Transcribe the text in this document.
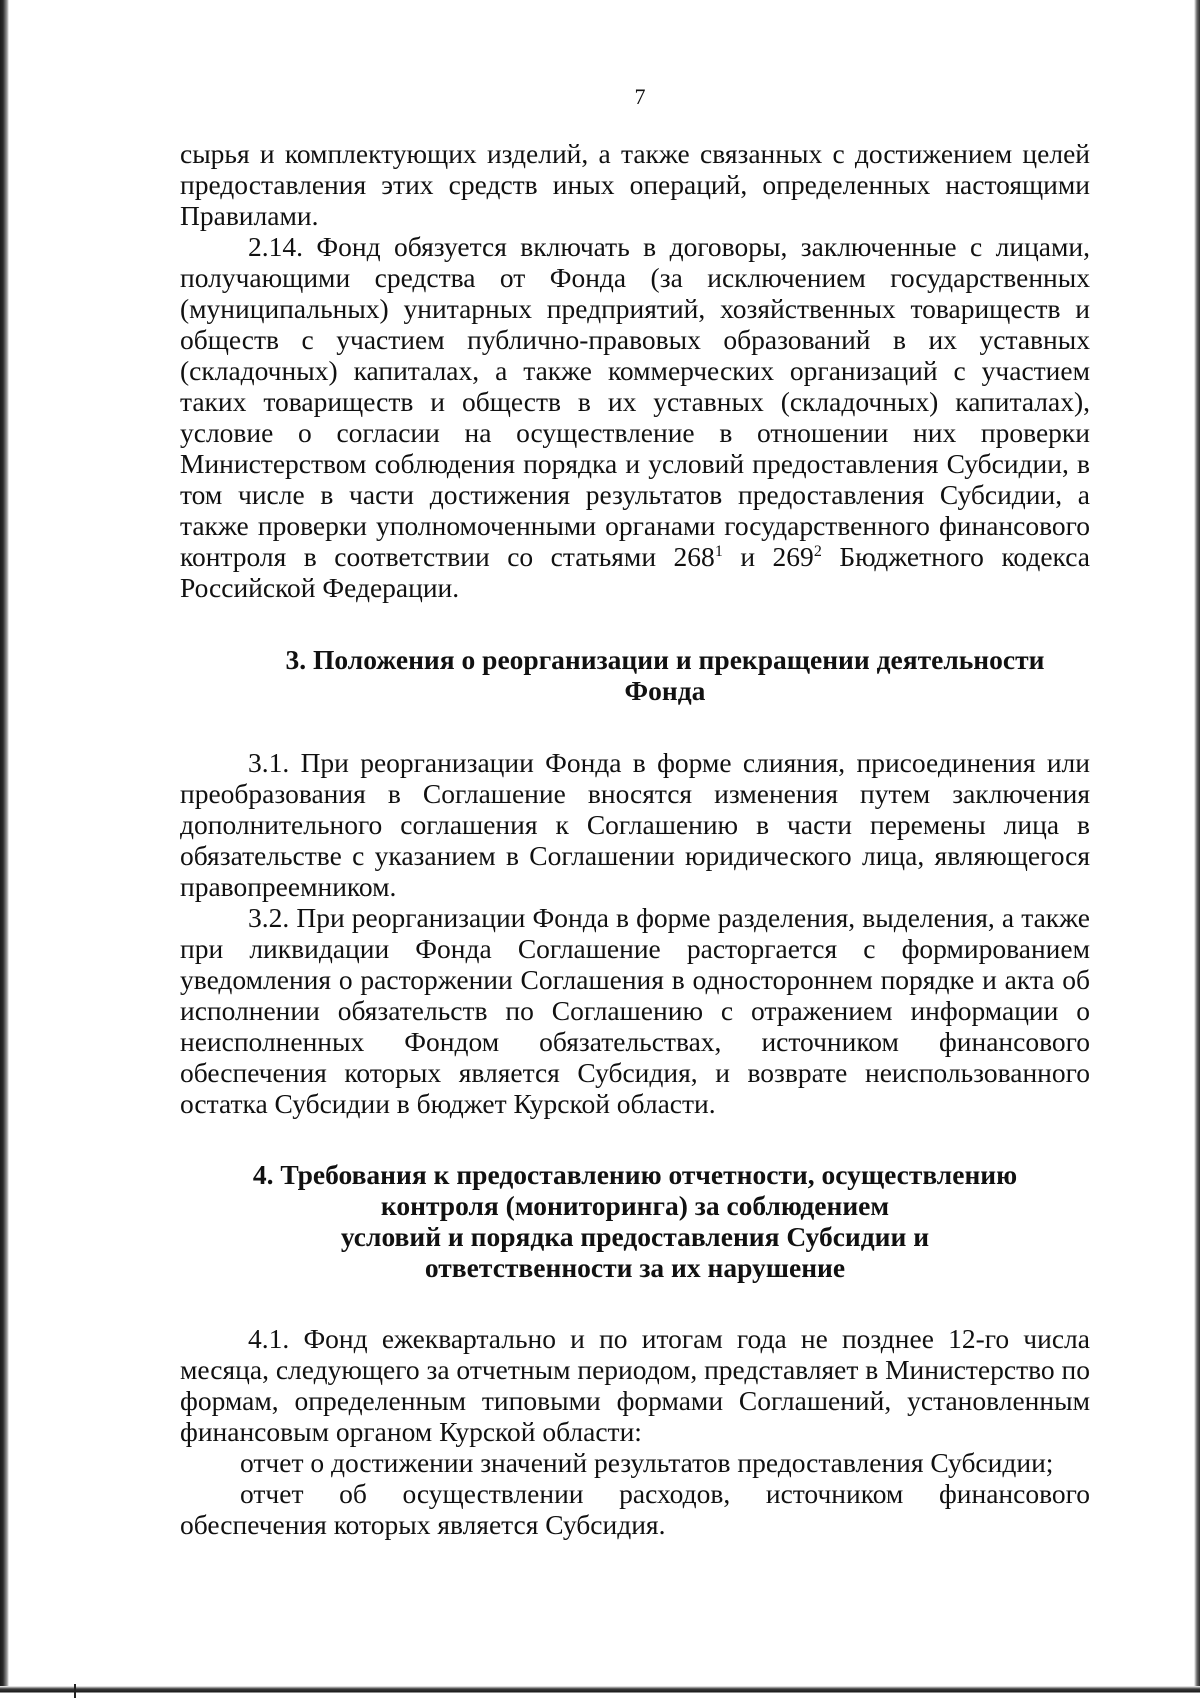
7

сырья и комплектующих изделий, а также связанных с достижением целей предоставления этих средств иных операций, определенных настоящими Правилами.

2.14. Фонд обязуется включать в договоры, заключенные с лицами, получающими средства от Фонда (за исключением государственных (муниципальных) унитарных предприятий, хозяйственных товариществ и обществ с участием публично-правовых образований в их уставных (складочных) капиталах, а также коммерческих организаций с участием таких товариществ и обществ в их уставных (складочных) капиталах), условие о согласии на осуществление в отношении них проверки Министерством соблюдения порядка и условий предоставления Субсидии, в том числе в части достижения результатов предоставления Субсидии, а также проверки уполномоченными органами государственного финансового контроля в соответствии со статьями $268^1$ и $269^2$ Бюджетного кодекса Российской Федерации.

3. Положения о реорганизации и прекращении деятельности Фонда

3.1. При реорганизации Фонда в форме слияния, присоединения или преобразования в Соглашение вносятся изменения путем заключения дополнительного соглашения к Соглашению в части перемены лица в обязательстве с указанием в Соглашении юридического лица, являющегося правопреемником.

3.2. При реорганизации Фонда в форме разделения, выделения, а также при ликвидации Фонда Соглашение расторгается с формированием уведомления о расторжении Соглашения в одностороннем порядке и акта об исполнении обязательств по Соглашению с отражением информации о неисполненных Фондом обязательствах, источником финансового обеспечения которых является Субсидия, и возврате неиспользованного остатка Субсидии в бюджет Курской области.

4. Требования к предоставлению отчетности, осуществлению
контроля (мониторинга) за соблюдением
условий и порядка предоставления Субсидии и
ответственности за их нарушение

4.1. Фонд ежеквартально и по итогам года не позднее 12-го числа месяца, следующего за отчетным периодом, представляет в Министерство по формам, определенным типовыми формами Соглашений, установленным финансовым органом Курской области:

отчет о достижении значений результатов предоставления Субсидии;

отчет об осуществлении расходов, источником финансового обеспечения которых является Субсидия.
